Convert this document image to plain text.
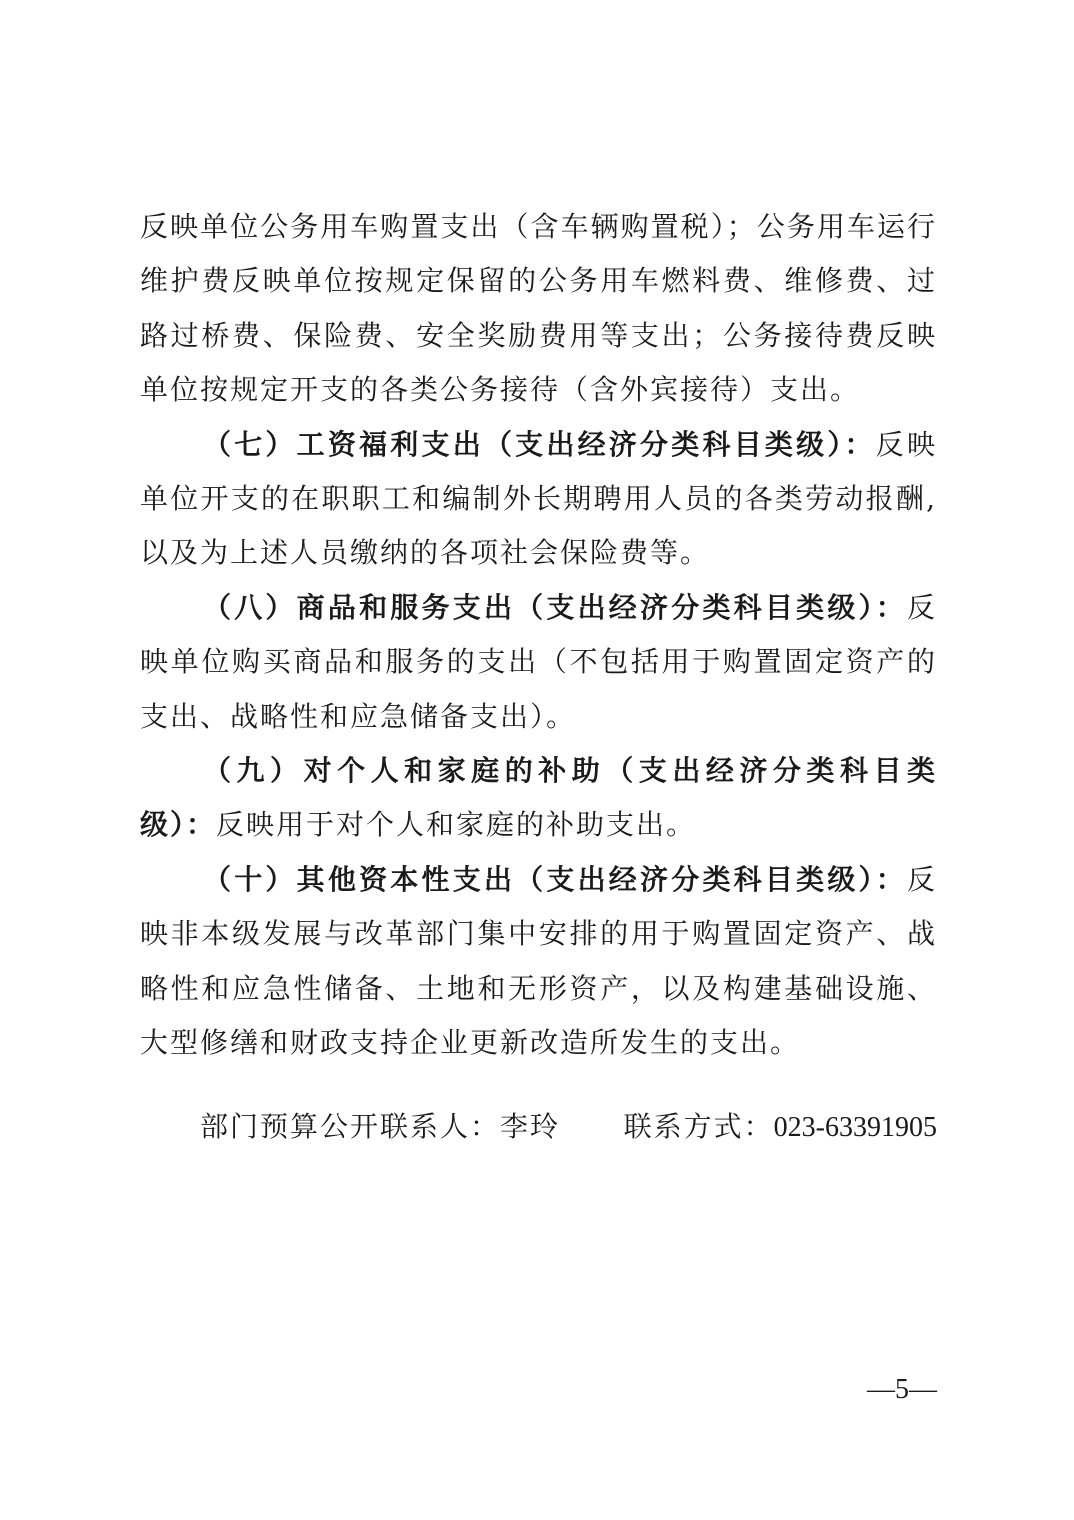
反映单位公务用车购置支出（含车辆购置税）；公务用车运行维护费反映单位按规定保留的公务用车燃料费、维修费、过路过桥费、保险费、安全奖励费用等支出；公务接待费反映单位按规定开支的各类公务接待（含外宾接待）支出。

（七）工资福利支出（支出经济分类科目类级）：反映单位开支的在职职工和编制外长期聘用人员的各类劳动报酬,以及为上述人员缴纳的各项社会保险费等。

（八）商品和服务支出（支出经济分类科目类级）：反映单位购买商品和服务的支出（不包括用于购置固定资产的支出、战略性和应急储备支出）。

（九）对个人和家庭的补助（支出经济分类科目类级）：反映用于对个人和家庭的补助支出。

（十）其他资本性支出（支出经济分类科目类级）：反映非本级发展与改革部门集中安排的用于购置固定资产、战略性和应急性储备、土地和无形资产，以及构建基础设施、大型修缮和财政支持企业更新改造所发生的支出。

部门预算公开联系人：李玲 联系方式：023-63391905
—5—
